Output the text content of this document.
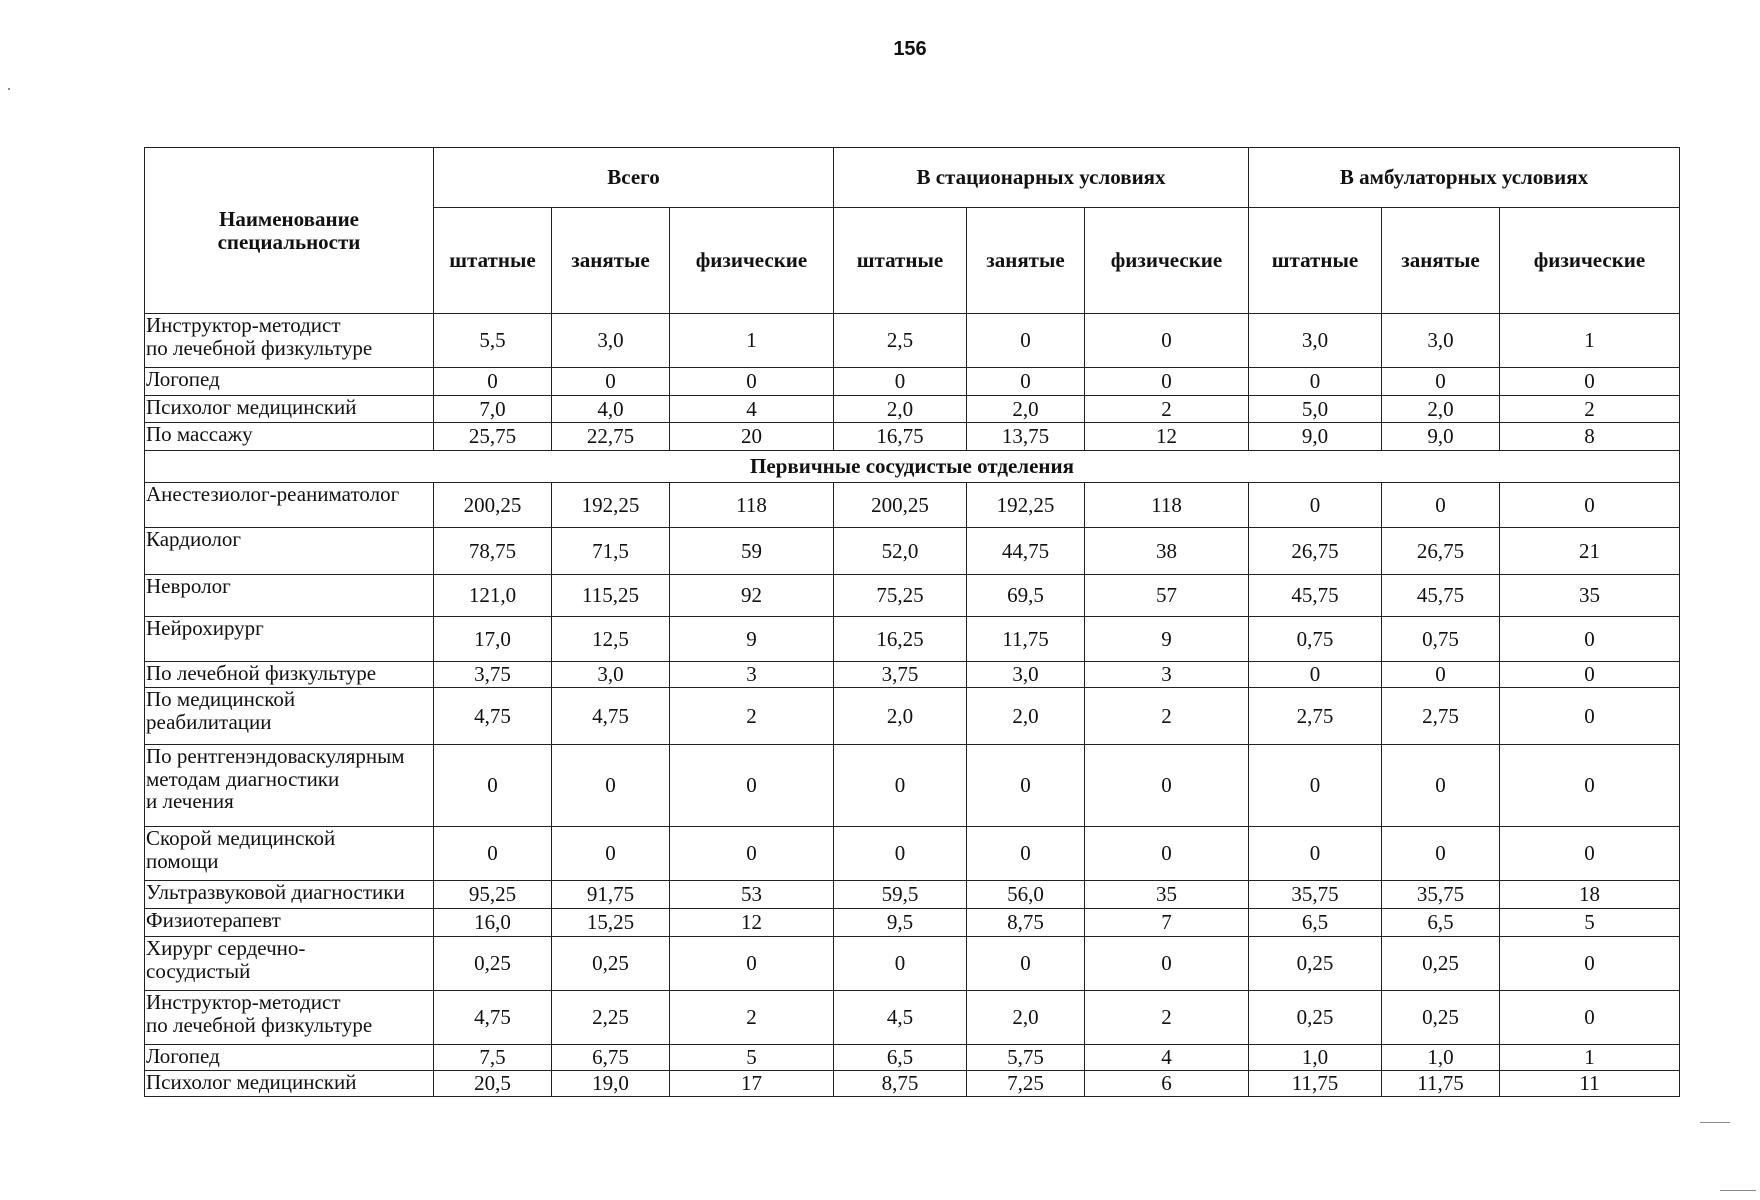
156
Наименование специальности	Всего			В стационарных условиях			В амбулаторных условиях		
	штатные	занятые	физические	штатные	занятые	физические	штатные	занятые	физические
Инструктор-методист
по лечебной физкультуре	5,5	3,0	1	2,5	0	0	3,0	3,0	1
Логопед	0	0	0	0	0	0	0	0	0
Психолог медицинский	7,0	4,0	4	2,0	2,0	2	5,0	2,0	2
По массажу	25,75	22,75	20	16,75	13,75	12	9,0	9,0	8
Первичные сосудистые отделения									
Анестезиолог-реаниматолог	200,25	192,25	118	200,25	192,25	118	0	0	0
Кардиолог	78,75	71,5	59	52,0	44,75	38	26,75	26,75	21
Невролог	121,0	115,25	92	75,25	69,5	57	45,75	45,75	35
Нейрохирург	17,0	12,5	9	16,25	11,75	9	0,75	0,75	0
По лечебной физкультуре	3,75	3,0	3	3,75	3,0	3	0	0	0
По медицинской
реабилитации	4,75	4,75	2	2,0	2,0	2	2,75	2,75	0
По рентгенэндоваскулярным
методам диагностики
и лечения	0	0	0	0	0	0	0	0	0
Скорой медицинской
помощи	0	0	0	0	0	0	0	0	0
Ультразвуковой диагностики	95,25	91,75	53	59,5	56,0	35	35,75	35,75	18
Физиотерапевт	16,0	15,25	12	9,5	8,75	7	6,5	6,5	5
Хирург сердечно-
сосудистый	0,25	0,25	0	0	0	0	0,25	0,25	0
Инструктор-методист
по лечебной физкультуре	4,75	2,25	2	4,5	2,0	2	0,25	0,25	0
Логопед	7,5	6,75	5	6,5	5,75	4	1,0	1,0	1
Психолог медицинский	20,5	19,0	17	8,75	7,25	6	11,75	11,75	11
